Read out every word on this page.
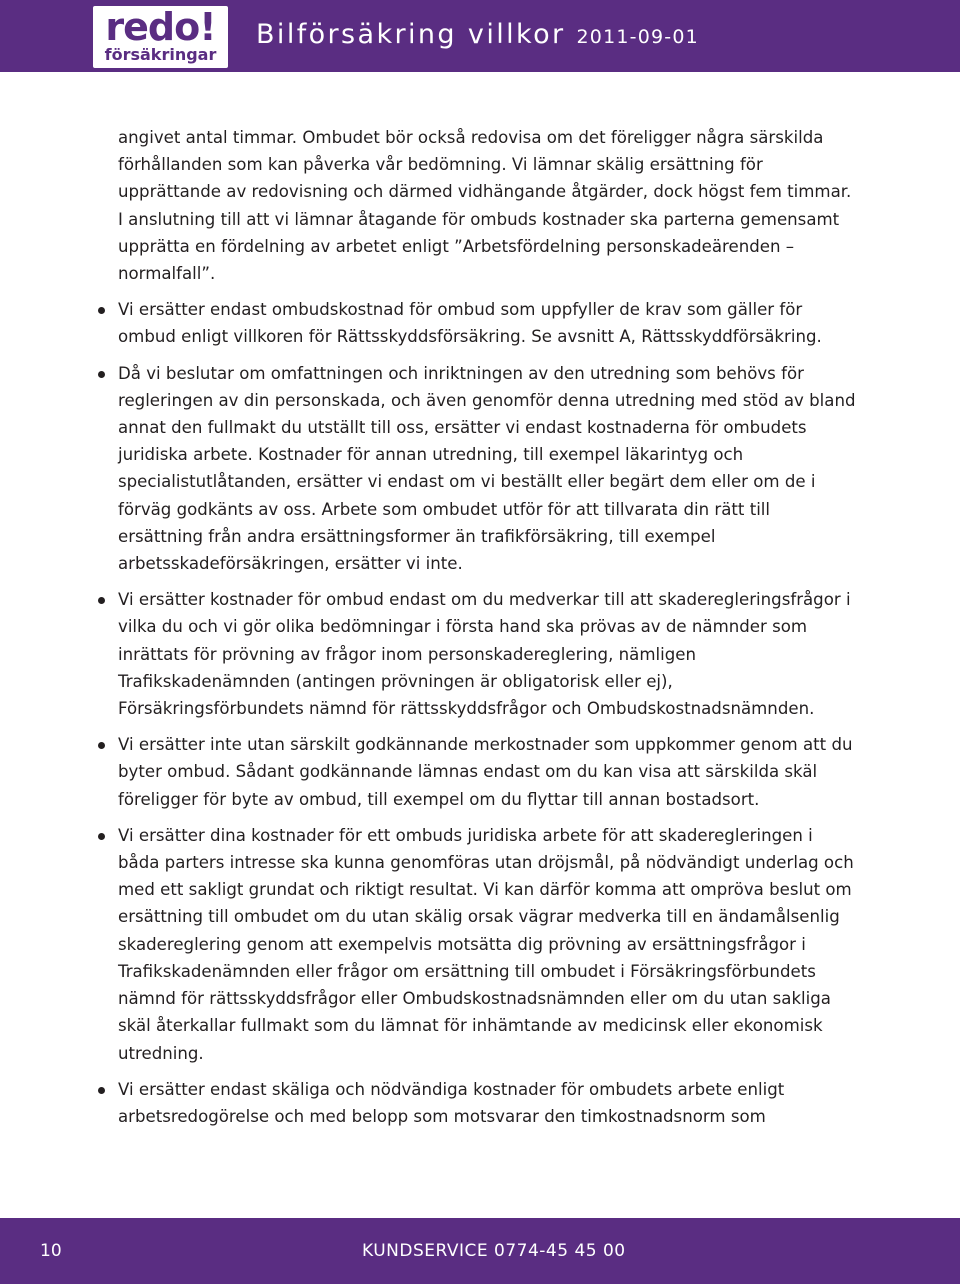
redo!
försäkringar
Bilförsäkring villkor 2011-09-01

angivet antal timmar. Ombudet bör också redovisa om det föreligger några särskilda förhållanden som kan påverka vår bedömning. Vi lämnar skälig ersättning för upprättande av redovisning och därmed vidhängande åtgärder, dock högst fem timmar. I anslutning till att vi lämnar åtagande för ombuds kostnader ska parterna gemensamt upprätta en fördelning av arbetet enligt ”Arbetsfördelning personskadeärenden – normalfall”.

Vi ersätter endast ombudskostnad för ombud som uppfyller de krav som gäller för ombud enligt villkoren för Rättsskyddsförsäkring. Se avsnitt A, Rättsskyddförsäkring.
Då vi beslutar om omfattningen och inriktningen av den utredning som behövs för regleringen av din personskada, och även genomför denna utredning med stöd av bland annat den fullmakt du utställt till oss, ersätter vi endast kostnaderna för ombudets juridiska arbete. Kostnader för annan utredning, till exempel läkarintyg och specialistutlåtanden, ersätter vi endast om vi beställt eller begärt dem eller om de i förväg godkänts av oss. Arbete som ombudet utför för att tillvarata din rätt till ersättning från andra ersättningsformer än trafikförsäkring, till exempel arbetsskadeförsäkringen, ersätter vi inte.
Vi ersätter kostnader för ombud endast om du medverkar till att skaderegleringsfrågor i vilka du och vi gör olika bedömningar i första hand ska prövas av de nämnder som inrättats för prövning av frågor inom personskadereglering, nämligen Trafikskadenämnden (antingen prövningen är obligatorisk eller ej), Försäkringsförbundets nämnd för rättsskyddsfrågor och Ombudskostnadsnämnden.
Vi ersätter inte utan särskilt godkännande merkostnader som uppkommer genom att du byter ombud. Sådant godkännande lämnas endast om du kan visa att särskilda skäl föreligger för byte av ombud, till exempel om du flyttar till annan bostadsort.
Vi ersätter dina kostnader för ett ombuds juridiska arbete för att skaderegleringen i båda parters intresse ska kunna genomföras utan dröjsmål, på nödvändigt underlag och med ett sakligt grundat och riktigt resultat. Vi kan därför komma att ompröva beslut om ersättning till ombudet om du utan skälig orsak vägrar medverka till en ändamålsenlig skadereglering genom att exempelvis motsätta dig prövning av ersättningsfrågor i Trafikskadenämnden eller frågor om ersättning till ombudet i Försäkringsförbundets nämnd för rättsskyddsfrågor eller Ombudskostnadsnämnden eller om du utan sakliga skäl återkallar fullmakt som du lämnat för inhämtande av medicinsk eller ekonomisk utredning.
Vi ersätter endast skäliga och nödvändiga kostnader för ombudets arbete enligt arbetsredogörelse och med belopp som motsvarar den timkostnadsnorm som
10	KUNDSERVICE 0774-45 45 00
